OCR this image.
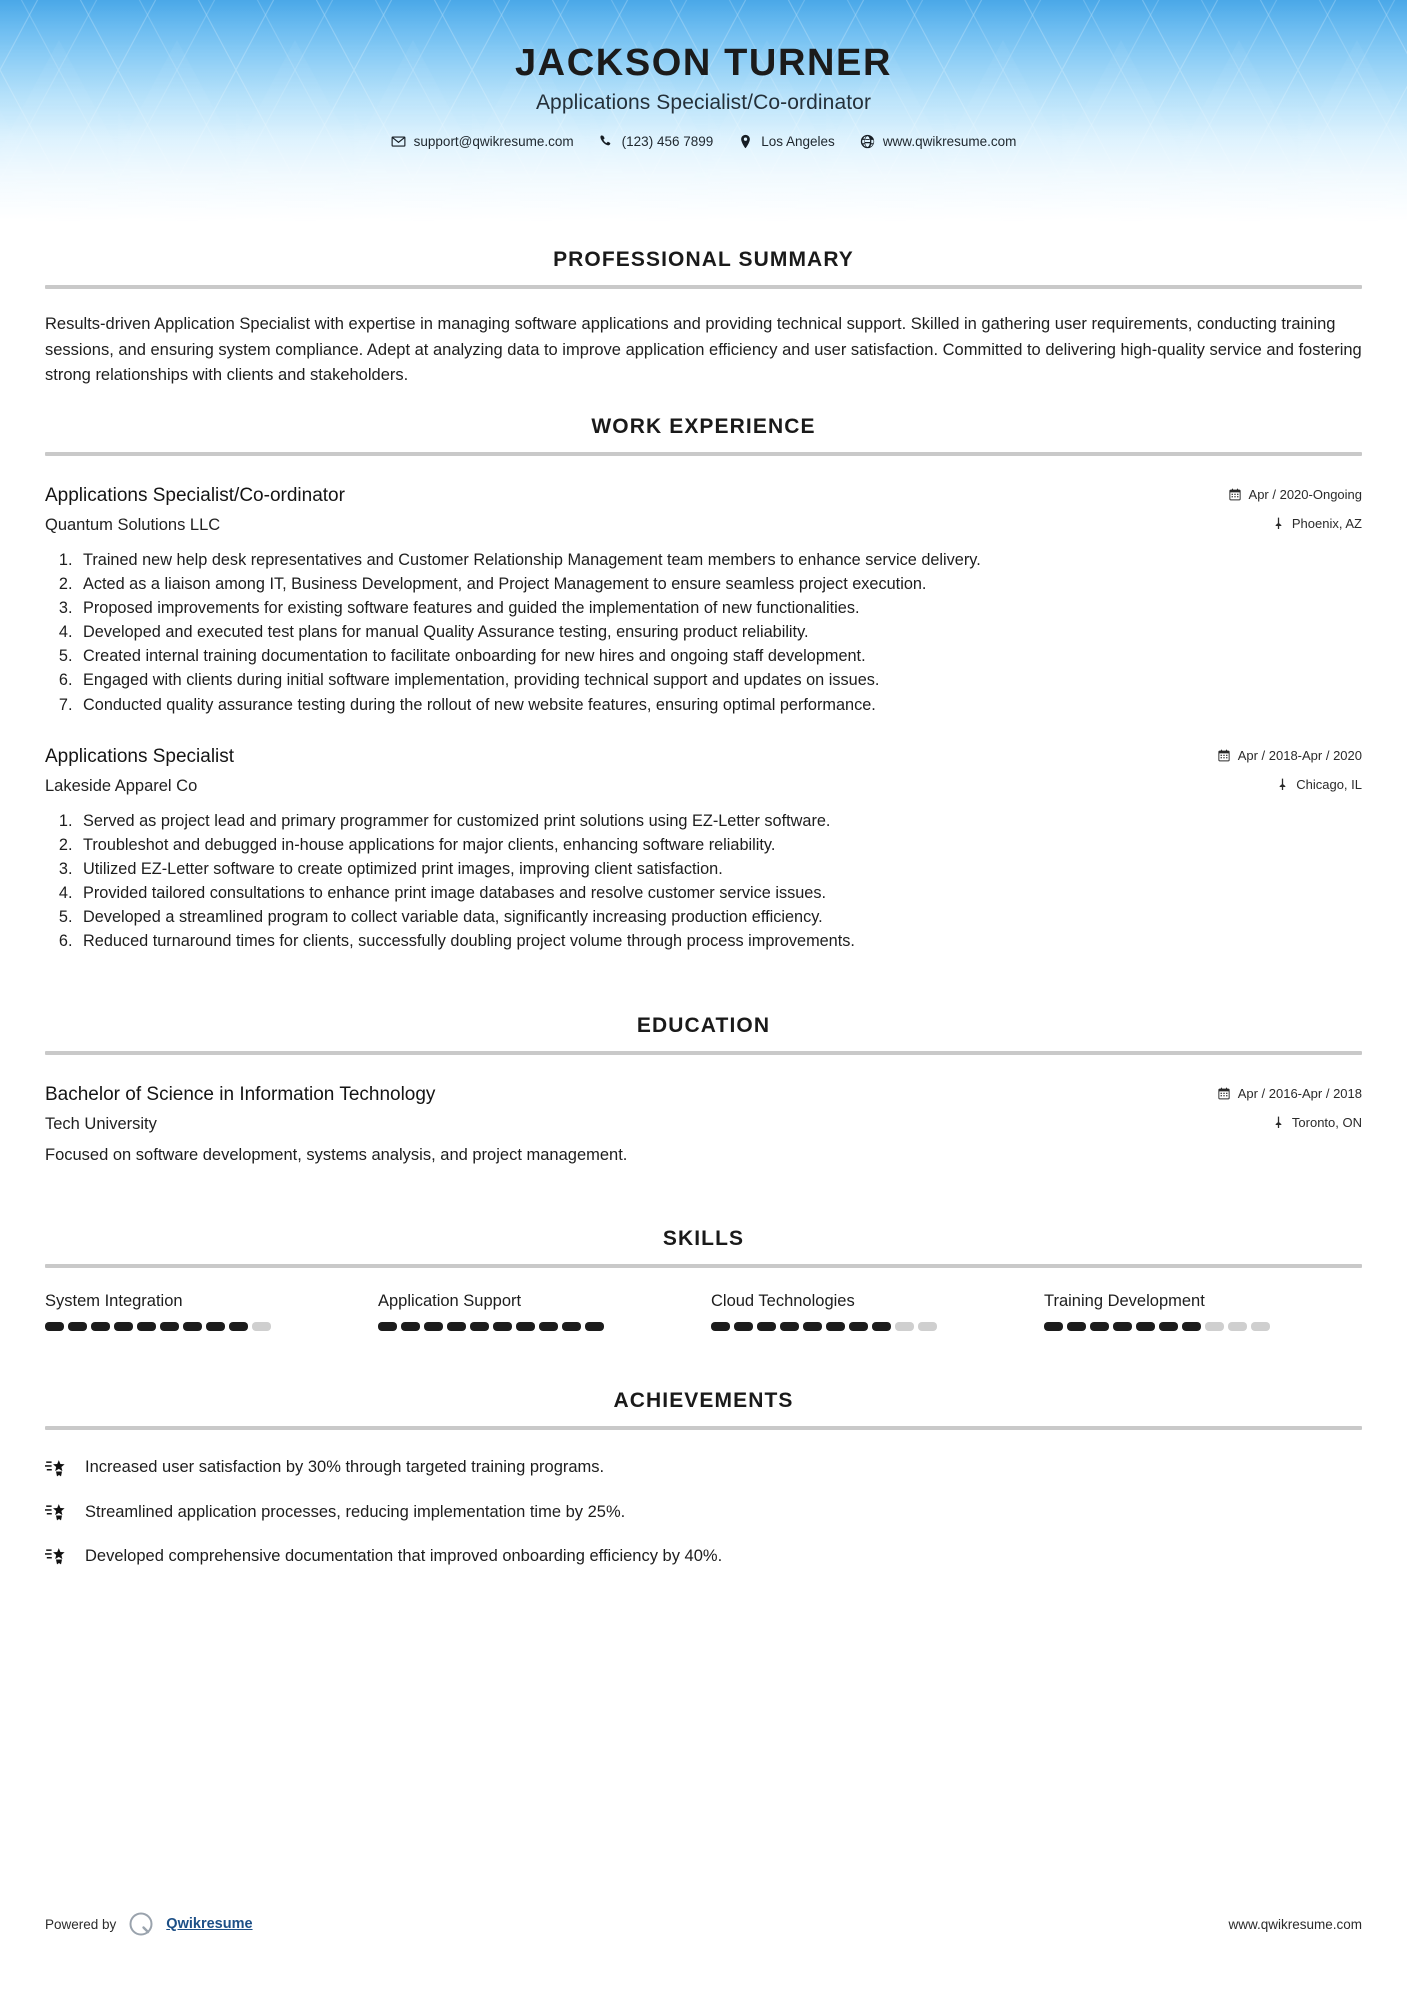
JACKSON TURNER
Applications Specialist/Co-ordinator
support@qwikresume.com	(123) 456 7899	Los Angeles	www.qwikresume.com
PROFESSIONAL SUMMARY

Results-driven Application Specialist with expertise in managing software applications and providing technical support. Skilled in gathering user requirements, conducting training sessions, and ensuring system compliance. Adept at analyzing data to improve application efficiency and user satisfaction. Committed to delivering high-quality service and fostering strong relationships with clients and stakeholders.

WORK EXPERIENCE
Applications Specialist/Co-ordinator	Apr / 2020-Ongoing
Quantum Solutions LLC	Phoenix, AZ
1. Trained new help desk representatives and Customer Relationship Management team members to enhance service delivery.
2. Acted as a liaison among IT, Business Development, and Project Management to ensure seamless project execution.
3. Proposed improvements for existing software features and guided the implementation of new functionalities.
4. Developed and executed test plans for manual Quality Assurance testing, ensuring product reliability.
5. Created internal training documentation to facilitate onboarding for new hires and ongoing staff development.
6. Engaged with clients during initial software implementation, providing technical support and updates on issues.
7. Conducted quality assurance testing during the rollout of new website features, ensuring optimal performance.
Applications Specialist	Apr / 2018-Apr / 2020
Lakeside Apparel Co	Chicago, IL
1. Served as project lead and primary programmer for customized print solutions using EZ-Letter software.
2. Troubleshot and debugged in-house applications for major clients, enhancing software reliability.
3. Utilized EZ-Letter software to create optimized print images, improving client satisfaction.
4. Provided tailored consultations to enhance print image databases and resolve customer service issues.
5. Developed a streamlined program to collect variable data, significantly increasing production efficiency.
6. Reduced turnaround times for clients, successfully doubling project volume through process improvements.
EDUCATION
Bachelor of Science in Information Technology	Apr / 2016-Apr / 2018
Tech University	Toronto, ON

Focused on software development, systems analysis, and project management.

SKILLS
System Integration	Application Support	Cloud Technologies	Training Development
ACHIEVEMENTS
Increased user satisfaction by 30% through targeted training programs.
Streamlined application processes, reducing implementation time by 25%.
Developed comprehensive documentation that improved onboarding efficiency by 40%.
Powered by	Qwikresume	www.qwikresume.com
